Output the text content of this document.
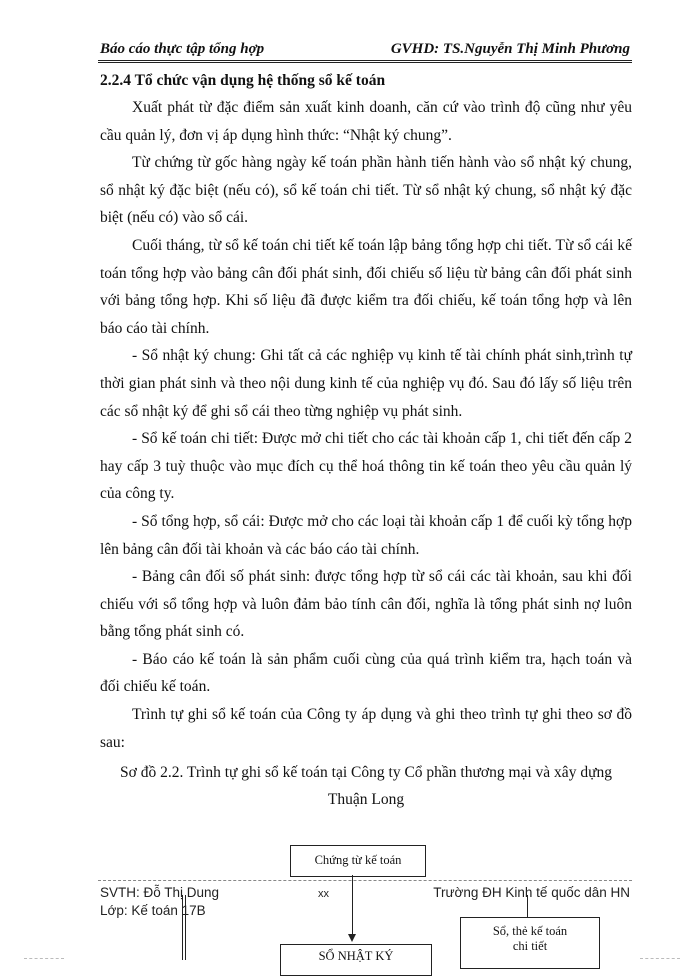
Báo cáo thực tập tổng hợp	GVHD: TS.Nguyễn Thị Minh Phương
2.2.4 Tổ chức vận dụng hệ thống sổ kế toán

Xuất phát từ đặc điểm sản xuất kinh doanh, căn cứ vào trình độ cũng như yêu cầu quản lý, đơn vị áp dụng hình thức: “Nhật ký chung”.

Từ chứng từ gốc hàng ngày kế toán phần hành tiến hành vào sổ nhật ký chung, sổ nhật ký đặc biệt (nếu có), sổ kế toán chi tiết. Từ sổ nhật ký chung, sổ nhật ký đặc biệt (nếu có) vào sổ cái.

Cuối tháng, từ sổ kế toán chi tiết kế toán lập bảng tổng hợp chi tiết. Từ sổ cái kế toán tổng hợp vào bảng cân đối phát sinh, đối chiếu số liệu từ bảng cân đối phát sinh với bảng tổng hợp. Khi số liệu đã được kiểm tra đối chiếu, kế toán tổng hợp và lên báo cáo tài chính.

- Sổ nhật ký chung: Ghi tất cả các nghiệp vụ kinh tế tài chính phát sinh,trình tự thời gian phát sinh và theo nội dung kinh tế của nghiệp vụ đó. Sau đó lấy số liệu trên các sổ nhật ký để ghi sổ cái theo từng nghiệp vụ phát sinh.

- Sổ kế toán chi tiết: Được mở chi tiết cho các tài khoản cấp 1, chi tiết đến cấp 2 hay cấp 3 tuỳ thuộc vào mục đích cụ thể hoá thông tin kế toán theo yêu cầu quản lý của công ty.

- Sổ tổng hợp, sổ cái: Được mở cho các loại tài khoản cấp 1 để cuối kỳ tổng hợp lên bảng cân đối tài khoản và các báo cáo tài chính.

- Bảng cân đối số phát sinh: được tổng hợp từ sổ cái các tài khoản, sau khi đối chiếu với sổ tổng hợp và luôn đảm bảo tính cân đối, nghĩa là tổng phát sinh nợ luôn bằng tổng phát sinh có.

- Báo cáo kế toán là sản phẩm cuối cùng của quá trình kiểm tra, hạch toán và đối chiếu kế toán.

Trình tự ghi sổ kế toán của Công ty áp dụng và ghi theo trình tự ghi theo sơ đồ sau:

Sơ đồ 2.2. Trình tự ghi sổ kế toán tại Công ty Cổ phần thương mại và xây dựng
Thuận Long
Chứng từ kế toán
SỔ NHẬT KÝ
Sổ, thẻ kế toán
chi tiết
SVTH: Đỗ Thị Dung	xx	Trường ĐH Kinh tế quốc dân HN
Lớp: Kế toán 17B
